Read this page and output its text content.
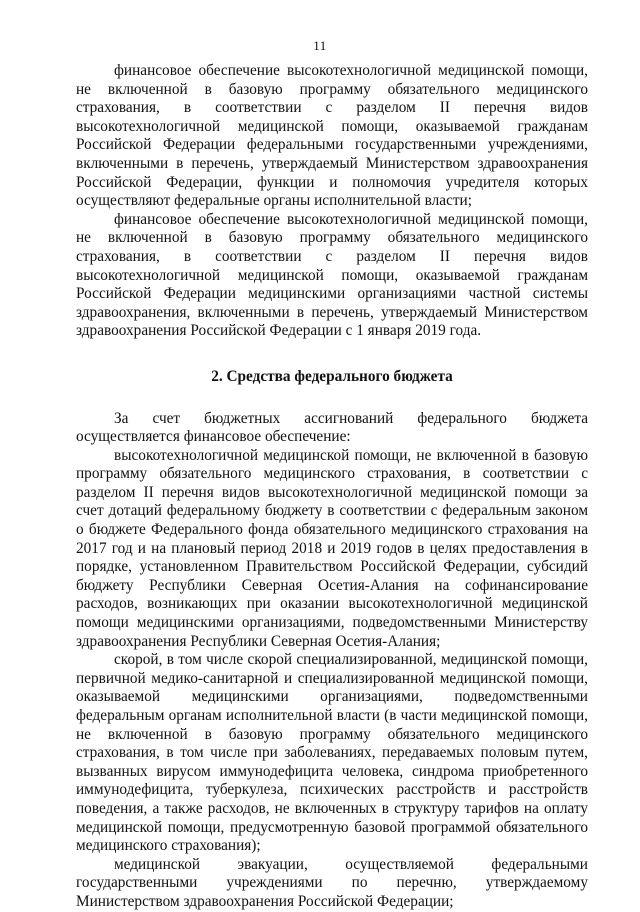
11

финансовое обеспечение высокотехнологичной медицинской помощи, не включенной в базовую программу обязательного медицинского страхования, в соответствии с разделом II перечня видов высокотехнологичной медицинской помощи, оказываемой гражданам Российской Федерации федеральными государственными учреждениями, включенными в перечень, утверждаемый Министерством здравоохранения Российской Федерации, функции и полномочия учредителя которых осуществляют федеральные органы исполнительной власти;

финансовое обеспечение высокотехнологичной медицинской помощи, не включенной в базовую программу обязательного медицинского страхования, в соответствии с разделом II перечня видов высокотехнологичной медицинской помощи, оказываемой гражданам Российской Федерации медицинскими организациями частной системы здравоохранения, включенными в перечень, утверждаемый Министерством здравоохранения Российской Федерации с 1 января 2019 года.

2. Средства федерального бюджета

За счет бюджетных ассигнований федерального бюджета осуществляется финансовое обеспечение:

высокотехнологичной медицинской помощи, не включенной в базовую программу обязательного медицинского страхования, в соответствии с разделом II перечня видов высокотехнологичной медицинской помощи за счет дотаций федеральному бюджету в соответствии с федеральным законом о бюджете Федерального фонда обязательного медицинского страхования на 2017 год и на плановый период 2018 и 2019 годов в целях предоставления в порядке, установленном Правительством Российской Федерации, субсидий бюджету Республики Северная Осетия-Алания на софинансирование расходов, возникающих при оказании высокотехнологичной медицинской помощи медицинскими организациями, подведомственными Министерству здравоохранения Республики Северная Осетия-Алания;

скорой, в том числе скорой специализированной, медицинской помощи, первичной медико-санитарной и специализированной медицинской помощи, оказываемой медицинскими организациями, подведомственными федеральным органам исполнительной власти (в части медицинской помощи, не включенной в базовую программу обязательного медицинского страхования, в том числе при заболеваниях, передаваемых половым путем, вызванных вирусом иммунодефицита человека, синдрома приобретенного иммунодефицита, туберкулеза, психических расстройств и расстройств поведения, а также расходов, не включенных в структуру тарифов на оплату медицинской помощи, предусмотренную базовой программой обязательного медицинского страхования);

медицинской эвакуации, осуществляемой федеральными государственными учреждениями по перечню, утверждаемому Министерством здравоохранения Российской Федерации;
